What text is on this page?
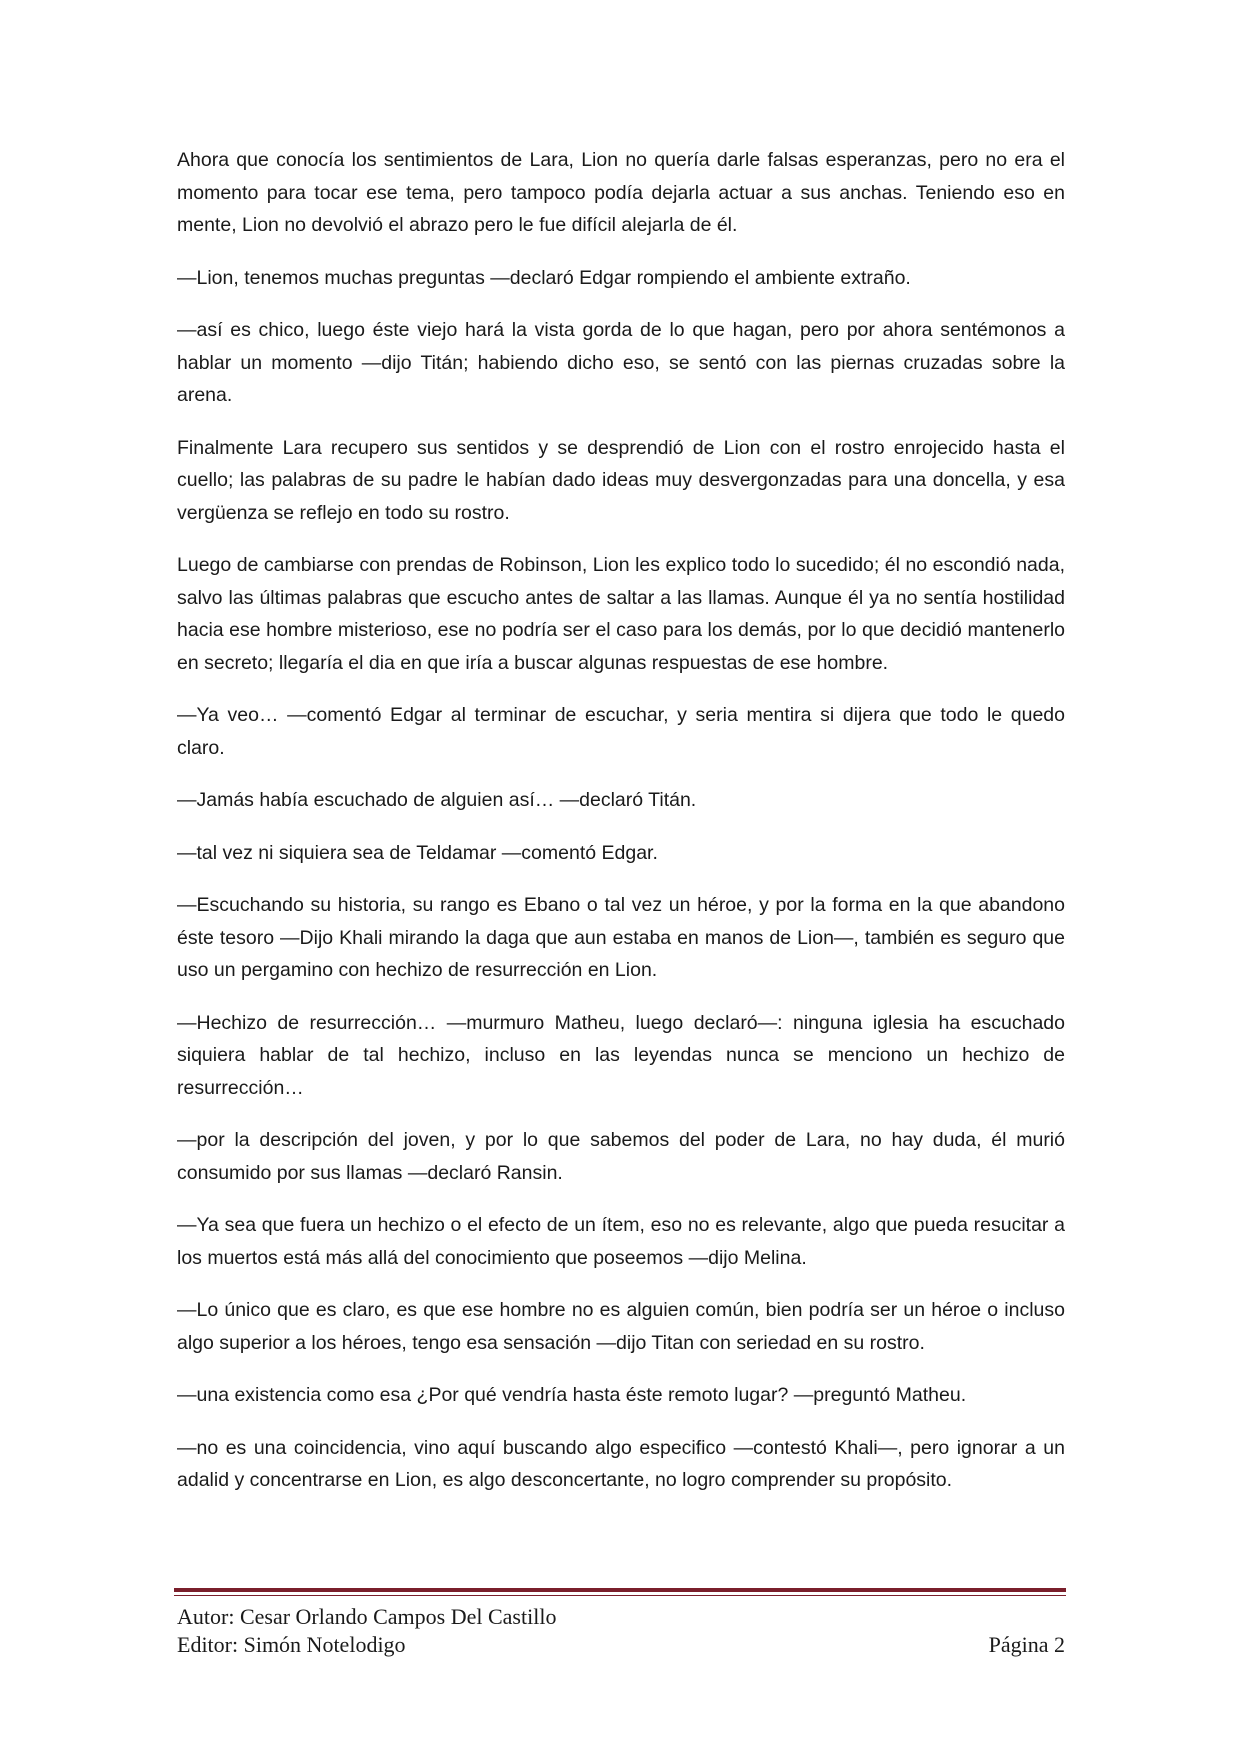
Ahora que conocía los sentimientos de Lara, Lion no quería darle falsas esperanzas, pero no era el momento para tocar ese tema, pero tampoco podía dejarla actuar a sus anchas. Teniendo eso en mente, Lion no devolvió el abrazo pero le fue difícil alejarla de él.

—Lion, tenemos muchas preguntas —declaró Edgar rompiendo el ambiente extraño.

—así es chico, luego éste viejo hará la vista gorda de lo que hagan, pero por ahora sentémonos a hablar un momento —dijo Titán; habiendo dicho eso, se sentó con las piernas cruzadas sobre la arena.

Finalmente Lara recupero sus sentidos y se desprendió de Lion con el rostro enrojecido hasta el cuello; las palabras de su padre le habían dado ideas muy desvergonzadas para una doncella, y esa vergüenza se reflejo en todo su rostro.

Luego de cambiarse con prendas de Robinson, Lion les explico todo lo sucedido; él no escondió nada, salvo las últimas palabras que escucho antes de saltar a las llamas. Aunque él ya no sentía hostilidad hacia ese hombre misterioso, ese no podría ser el caso para los demás, por lo que decidió mantenerlo en secreto; llegaría el dia en que iría a buscar algunas respuestas de ese hombre.

—Ya veo… —comentó Edgar al terminar de escuchar, y seria mentira si dijera que todo le quedo claro.

—Jamás había escuchado de alguien así… —declaró Titán.

—tal vez ni siquiera sea de Teldamar —comentó Edgar.

—Escuchando su historia, su rango es Ebano o tal vez un héroe, y por la forma en la que abandono éste tesoro —Dijo Khali mirando la daga que aun estaba en manos de Lion—, también es seguro que uso un pergamino con hechizo de resurrección en Lion.

—Hechizo de resurrección… —murmuro Matheu, luego declaró—: ninguna iglesia ha escuchado siquiera hablar de tal hechizo, incluso en las leyendas nunca se menciono un hechizo de resurrección…

—por la descripción del joven, y por lo que sabemos del poder de Lara, no hay duda, él murió consumido por sus llamas —declaró Ransin.

—Ya sea que fuera un hechizo o el efecto de un ítem, eso no es relevante, algo que pueda resucitar a los muertos está más allá del conocimiento que poseemos —dijo Melina.

—Lo único que es claro, es que ese hombre no es alguien común, bien podría ser un héroe o incluso algo superior a los héroes, tengo esa sensación —dijo Titan con seriedad en su rostro.

—una existencia como esa ¿Por qué vendría hasta éste remoto lugar? —preguntó Matheu.

—no es una coincidencia, vino aquí buscando algo especifico —contestó Khali—, pero ignorar a un adalid y concentrarse en Lion, es algo desconcertante, no logro comprender su propósito.

Autor: Cesar Orlando Campos Del Castillo
Editor: Simón Notelodigo	Página 2
